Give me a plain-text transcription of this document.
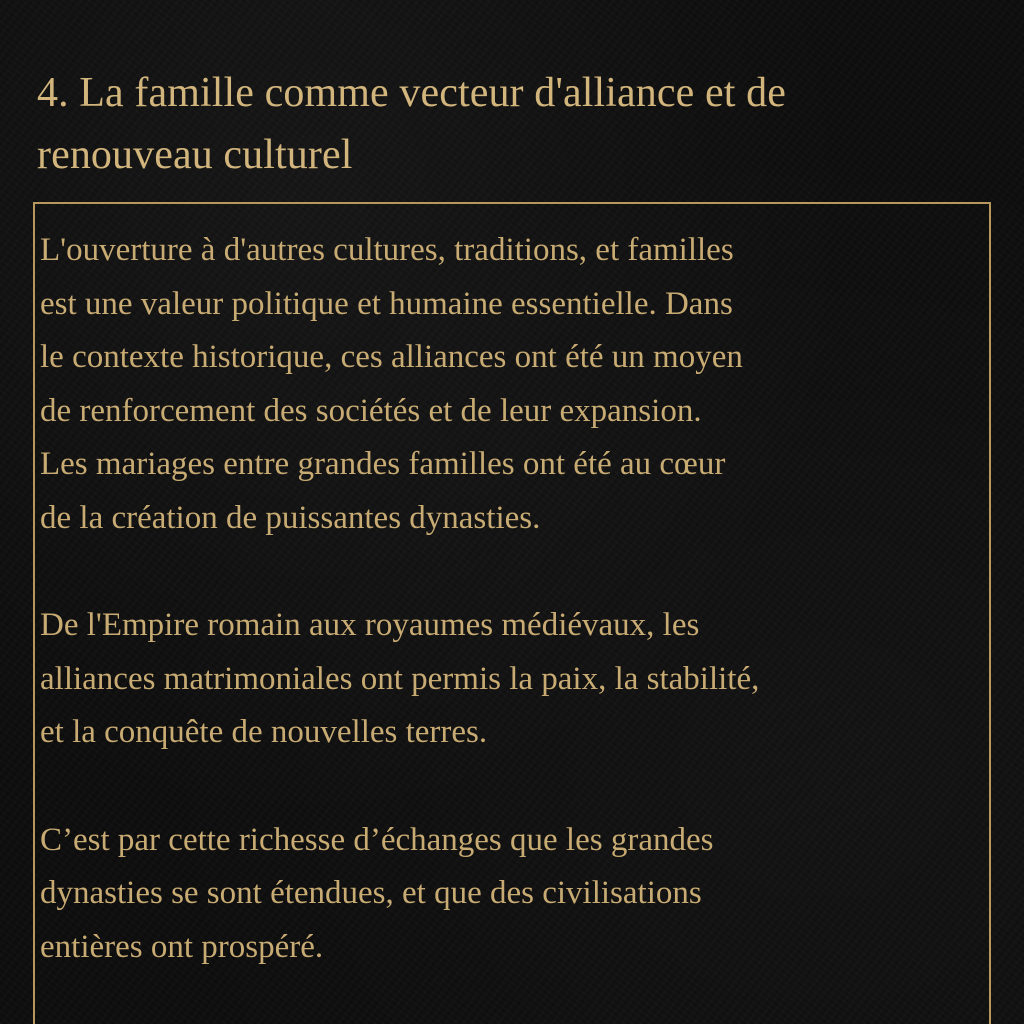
4. La famille comme vecteur d'alliance et de
renouveau culturel

L'ouverture à d'autres cultures, traditions, et familles
est une valeur politique et humaine essentielle. Dans
le contexte historique, ces alliances ont été un moyen
de renforcement des sociétés et de leur expansion.
Les mariages entre grandes familles ont été au cœur
de la création de puissantes dynasties.

De l'Empire romain aux royaumes médiévaux, les
alliances matrimoniales ont permis la paix, la stabilité,
et la conquête de nouvelles terres.

C’est par cette richesse d’échanges que les grandes
dynasties se sont étendues, et que des civilisations
entières ont prospéré.
